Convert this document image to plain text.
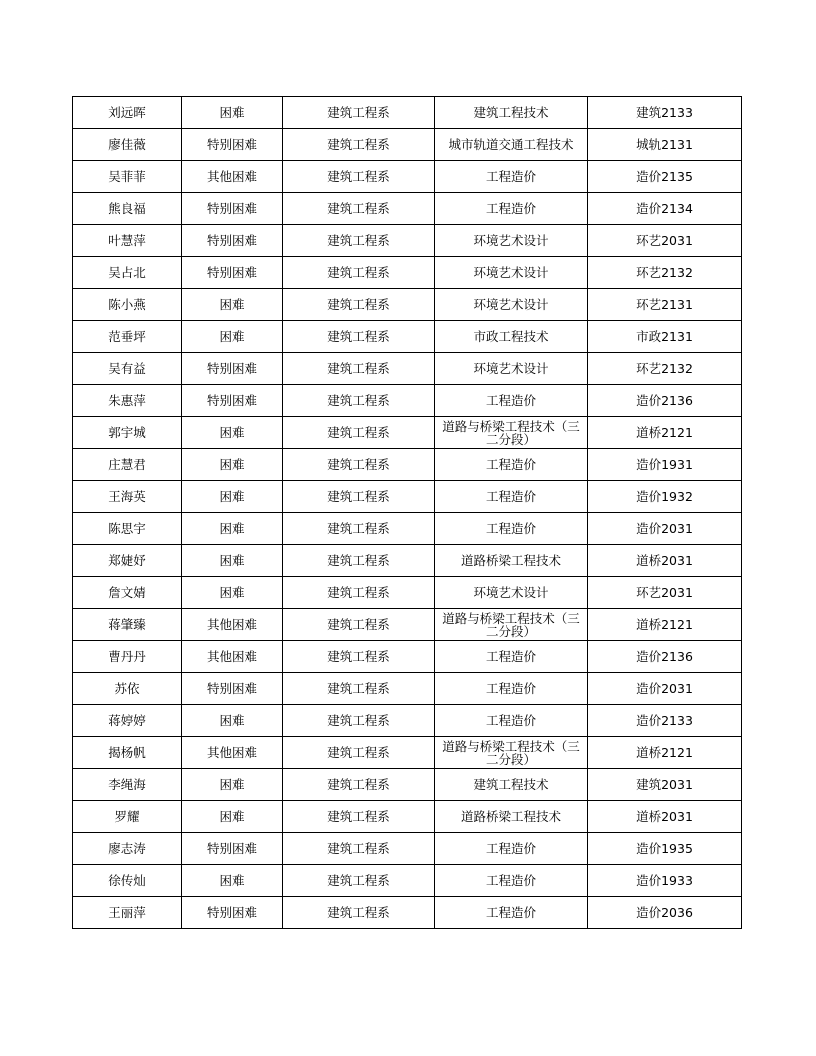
刘远晖	困难	建筑工程系	建筑工程技术	建筑2133
廖佳薇	特别困难	建筑工程系	城市轨道交通工程技术	城轨2131
吴菲菲	其他困难	建筑工程系	工程造价	造价2135
熊良福	特别困难	建筑工程系	工程造价	造价2134
叶慧萍	特别困难	建筑工程系	环境艺术设计	环艺2031
吴占北	特别困难	建筑工程系	环境艺术设计	环艺2132
陈小燕	困难	建筑工程系	环境艺术设计	环艺2131
范垂坪	困难	建筑工程系	市政工程技术	市政2131
吴有益	特别困难	建筑工程系	环境艺术设计	环艺2132
朱惠萍	特别困难	建筑工程系	工程造价	造价2136
郭宇城	困难	建筑工程系	道路与桥梁工程技术（三二分段）	道桥2121
庄慧君	困难	建筑工程系	工程造价	造价1931
王海英	困难	建筑工程系	工程造价	造价1932
陈思宇	困难	建筑工程系	工程造价	造价2031
郑婕妤	困难	建筑工程系	道路桥梁工程技术	道桥2031
詹文婧	困难	建筑工程系	环境艺术设计	环艺2031
蒋肇臻	其他困难	建筑工程系	道路与桥梁工程技术（三二分段）	道桥2121
曹丹丹	其他困难	建筑工程系	工程造价	造价2136
苏依	特别困难	建筑工程系	工程造价	造价2031
蒋婷婷	困难	建筑工程系	工程造价	造价2133
揭杨帆	其他困难	建筑工程系	道路与桥梁工程技术（三二分段）	道桥2121
李绳海	困难	建筑工程系	建筑工程技术	建筑2031
罗耀	困难	建筑工程系	道路桥梁工程技术	道桥2031
廖志涛	特别困难	建筑工程系	工程造价	造价1935
徐传灿	困难	建筑工程系	工程造价	造价1933
王丽萍	特别困难	建筑工程系	工程造价	造价2036
